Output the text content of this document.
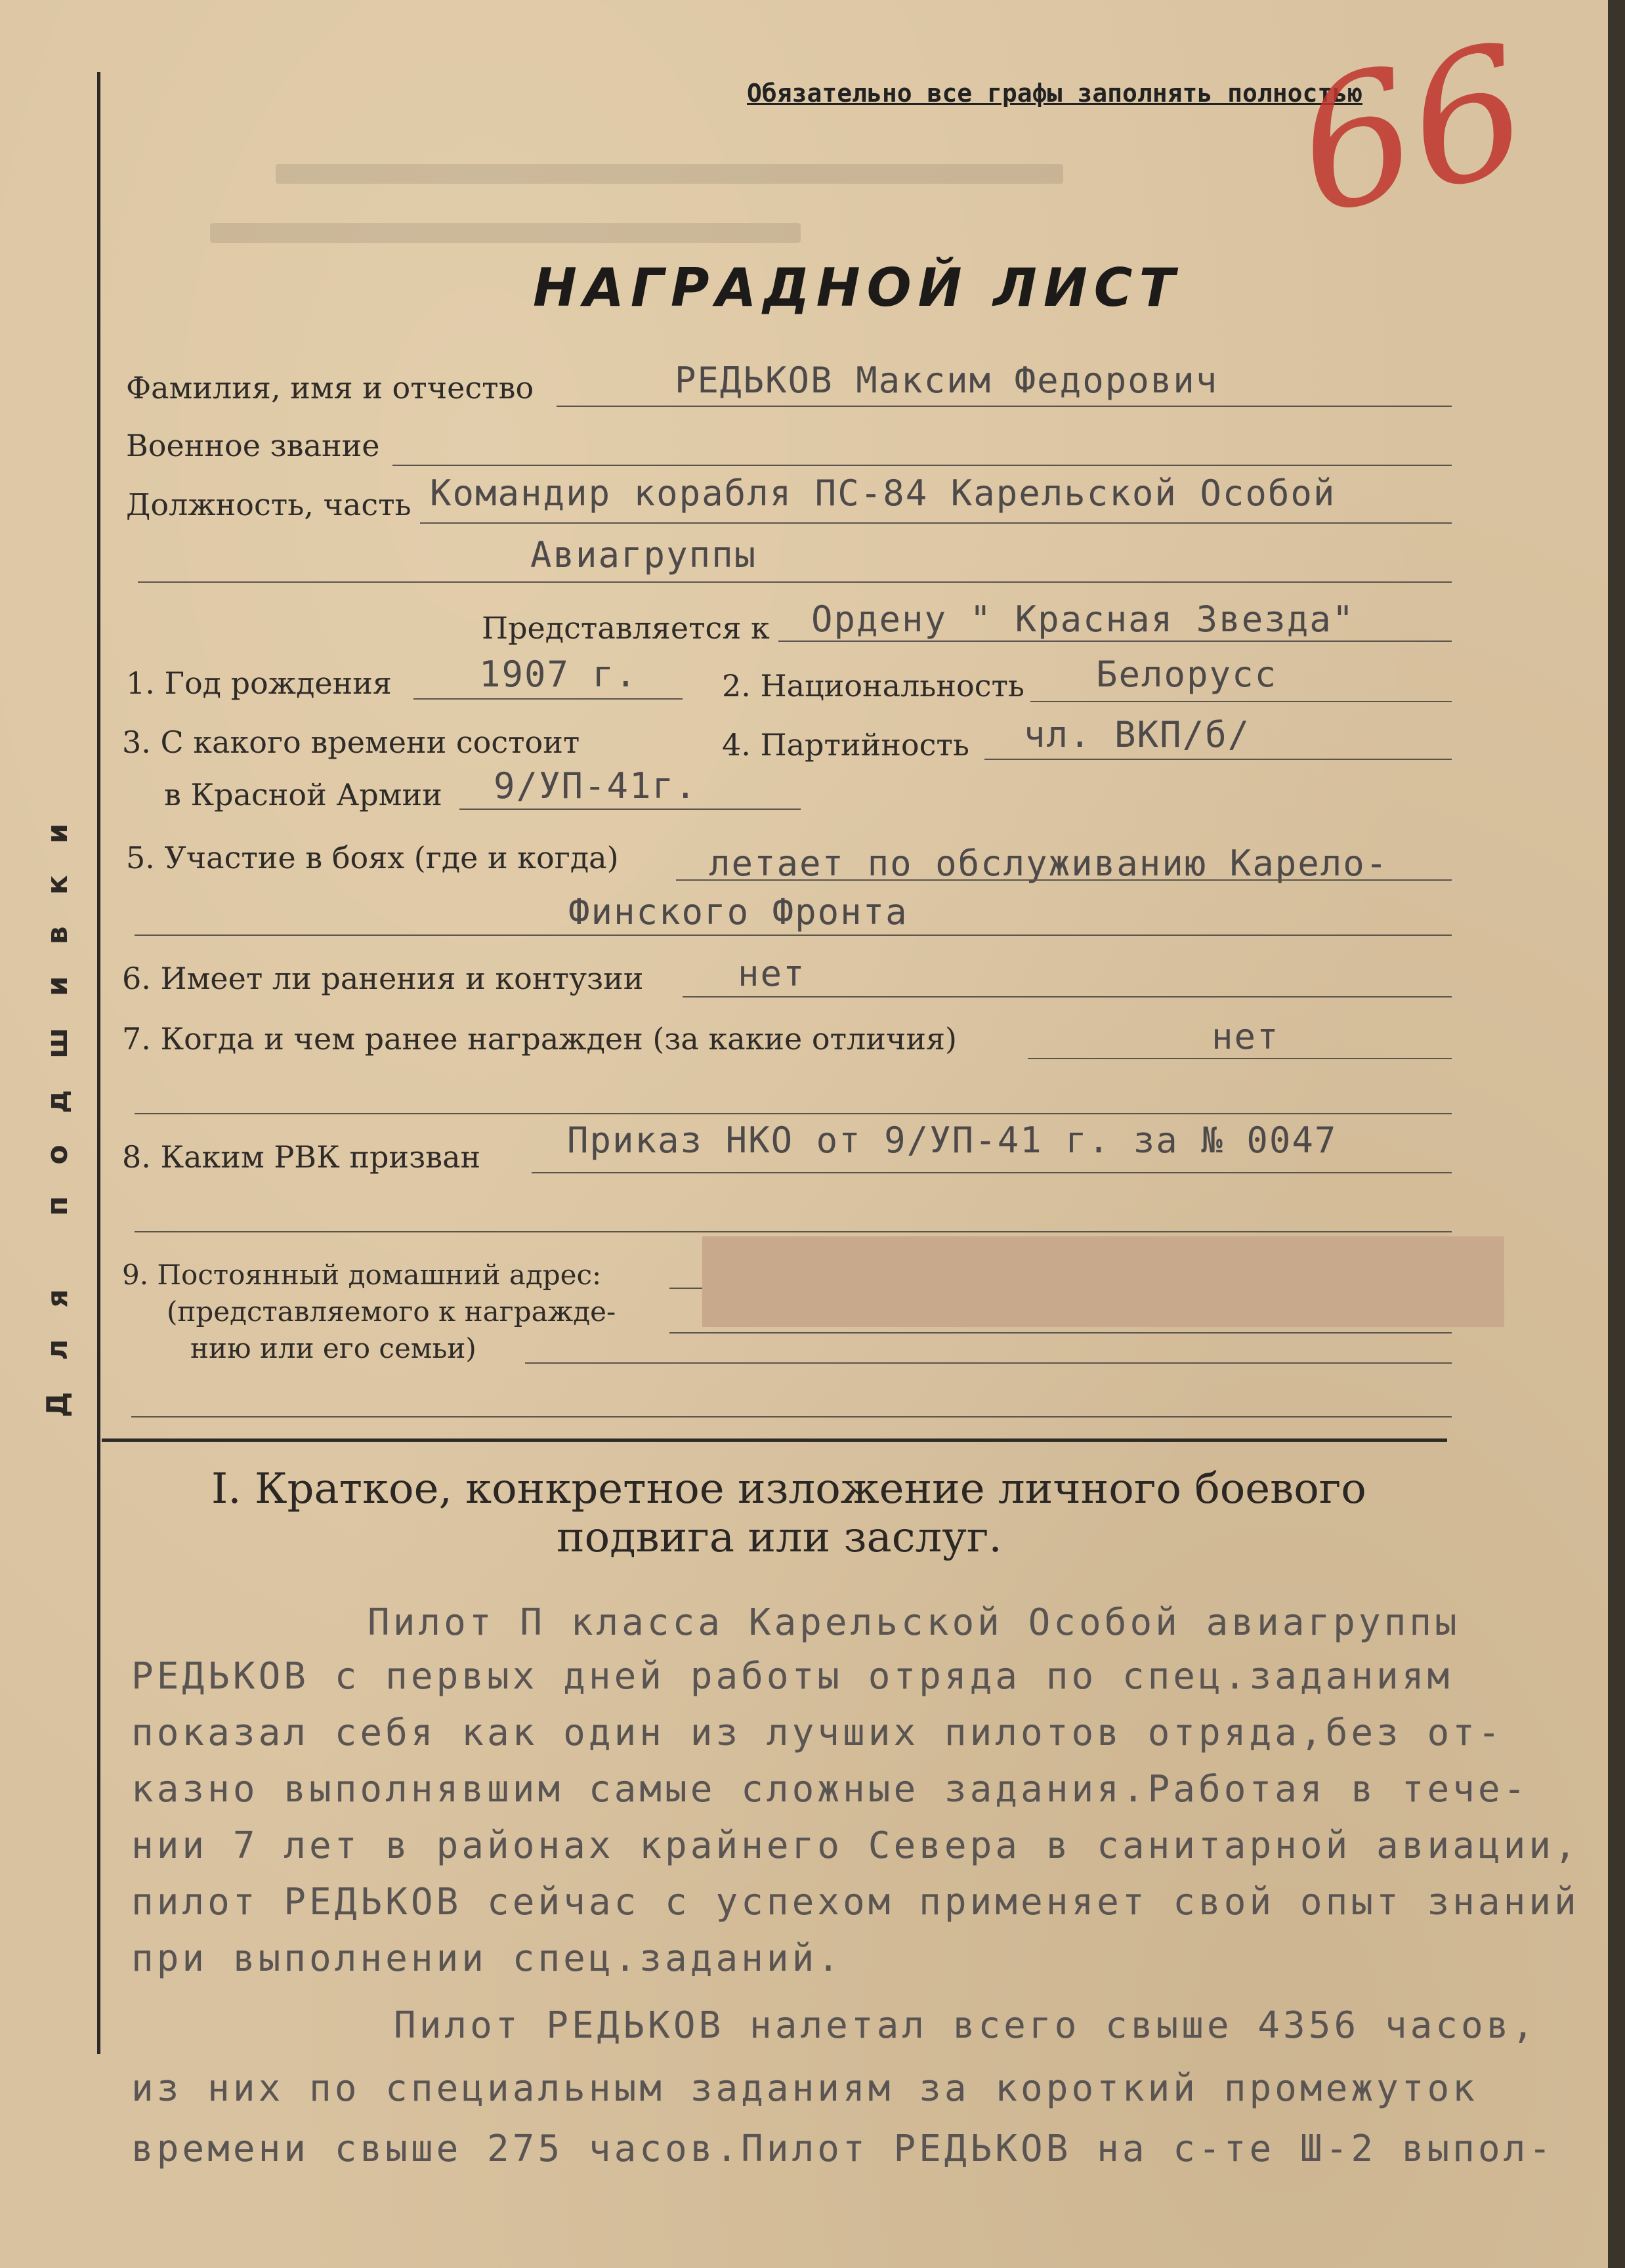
Для подшивки
Обязательно все графы заполнять полностью
66
НАГРАДНОЙ ЛИСТ
Фамилия, имя и отчество	РЕДЬКОВ Максим Федорович
Военное звание
Должность, часть Командир корабля ПС-84 Карельской Особой
Авиагруппы
Представляется к Ордену " Красная Звезда"
1. Год рождения 1907 г.	2. Национальность Белорусс
3. С какого времени состоит
в Красной Армии 9/УП-41г.
4. Партийность чл. ВКП/б/
5. Участие в боях (где и когда)	летает по обслуживанию Карело-
Финского Фронта
6. Имеет ли ранения и контузии	нет
7. Когда и чем ранее награжден (за какие отличия)	нет
8. Каким РВК призван Приказ НКО от 9/УП-41 г. за № 0047
9. Постоянный домашний адрес:
(представляемого к награжде-
нию или его семьи)
I. Краткое, конкретное изложение личного боевого
подвига или заслуг.
Пилот П класса Карельской Особой авиагруппы
РЕДЬКОВ с первых дней работы отряда по спец.заданиям
показал себя как один из лучших пилотов отряда,без от-
казно выполнявшим самые сложные задания.Работая в тече-
нии 7 лет в районах крайнего Севера в санитарной авиации,
пилот РЕДЬКОВ сейчас с успехом применяет свой опыт знаний
при выполнении спец.заданий.
Пилот РЕДЬКОВ налетал всего свыше 4356 часов,
из них по специальным заданиям за короткий промежуток
времени свыше 275 часов.Пилот РЕДЬКОВ на с-те Ш-2 выпол-
